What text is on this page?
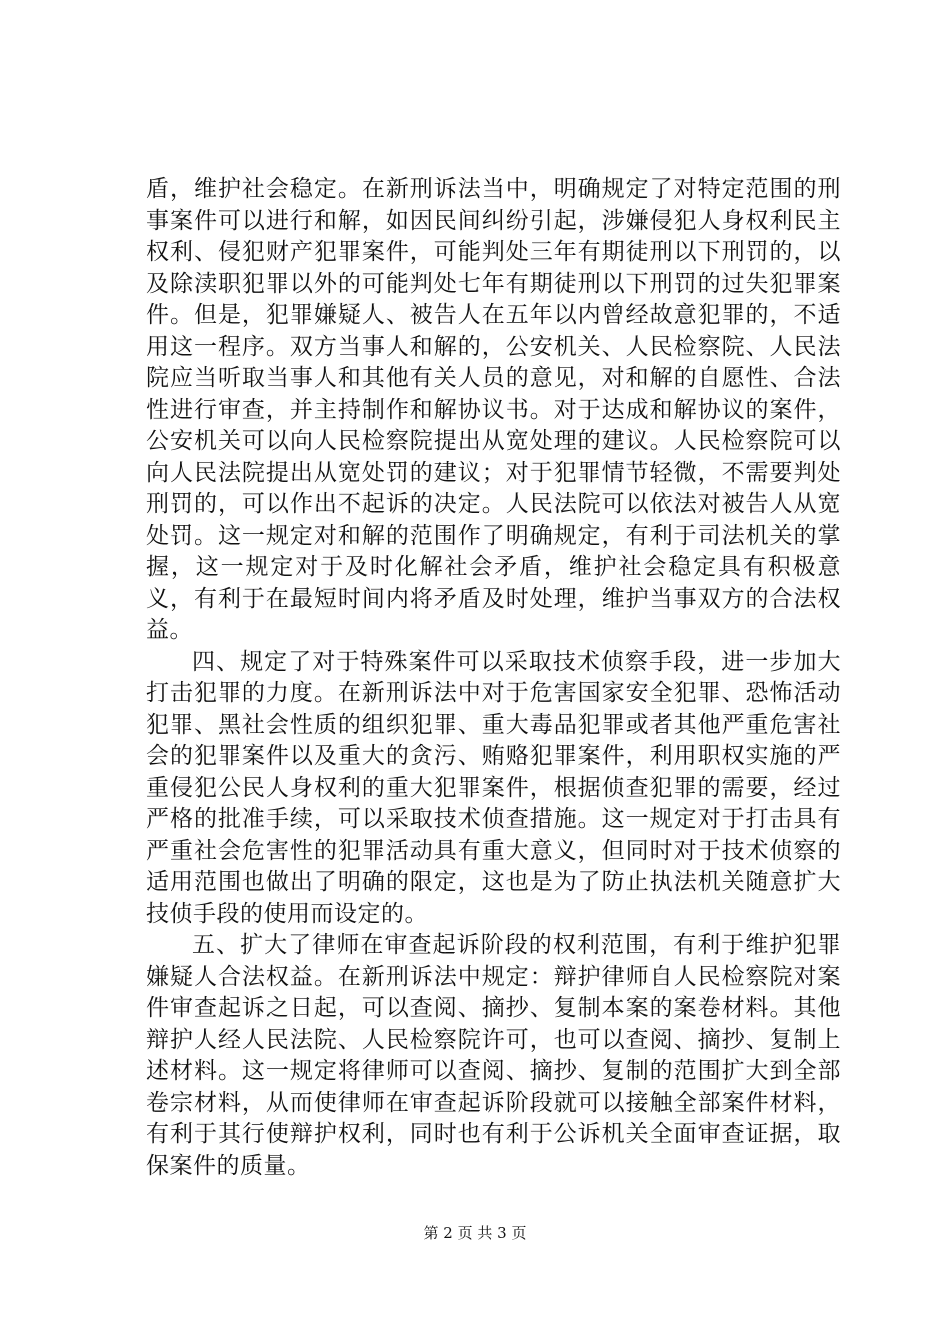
盾，维护社会稳定。在新刑诉法当中，明确规定了对特定范围的刑事案件可以进行和解，如因民间纠纷引起，涉嫌侵犯人身权利民主权利、侵犯财产犯罪案件，可能判处三年有期徒刑以下刑罚的，以及除渎职犯罪以外的可能判处七年有期徒刑以下刑罚的过失犯罪案件。但是，犯罪嫌疑人、被告人在五年以内曾经故意犯罪的，不适用这一程序。双方当事人和解的，公安机关、人民检察院、人民法院应当听取当事人和其他有关人员的意见，对和解的自愿性、合法性进行审查，并主持制作和解协议书。对于达成和解协议的案件，公安机关可以向人民检察院提出从宽处理的建议。人民检察院可以向人民法院提出从宽处罚的建议；对于犯罪情节轻微，不需要判处刑罚的，可以作出不起诉的决定。人民法院可以依法对被告人从宽处罚。这一规定对和解的范围作了明确规定，有利于司法机关的掌握，这一规定对于及时化解社会矛盾，维护社会稳定具有积极意义，有利于在最短时间内将矛盾及时处理，维护当事双方的合法权益。

四、规定了对于特殊案件可以采取技术侦察手段，进一步加大打击犯罪的力度。在新刑诉法中对于危害国家安全犯罪、恐怖活动犯罪、黑社会性质的组织犯罪、重大毒品犯罪或者其他严重危害社会的犯罪案件以及重大的贪污、贿赂犯罪案件，利用职权实施的严重侵犯公民人身权利的重大犯罪案件，根据侦查犯罪的需要，经过严格的批准手续，可以采取技术侦查措施。这一规定对于打击具有严重社会危害性的犯罪活动具有重大意义，但同时对于技术侦察的适用范围也做出了明确的限定，这也是为了防止执法机关随意扩大技侦手段的使用而设定的。

五、扩大了律师在审查起诉阶段的权利范围，有利于维护犯罪嫌疑人合法权益。在新刑诉法中规定：辩护律师自人民检察院对案件审查起诉之日起，可以查阅、摘抄、复制本案的案卷材料。其他辩护人经人民法院、人民检察院许可，也可以查阅、摘抄、复制上述材料。这一规定将律师可以查阅、摘抄、复制的范围扩大到全部卷宗材料，从而使律师在审查起诉阶段就可以接触全部案件材料，有利于其行使辩护权利，同时也有利于公诉机关全面审查证据，取保案件的质量。

第 2 页 共 3 页
